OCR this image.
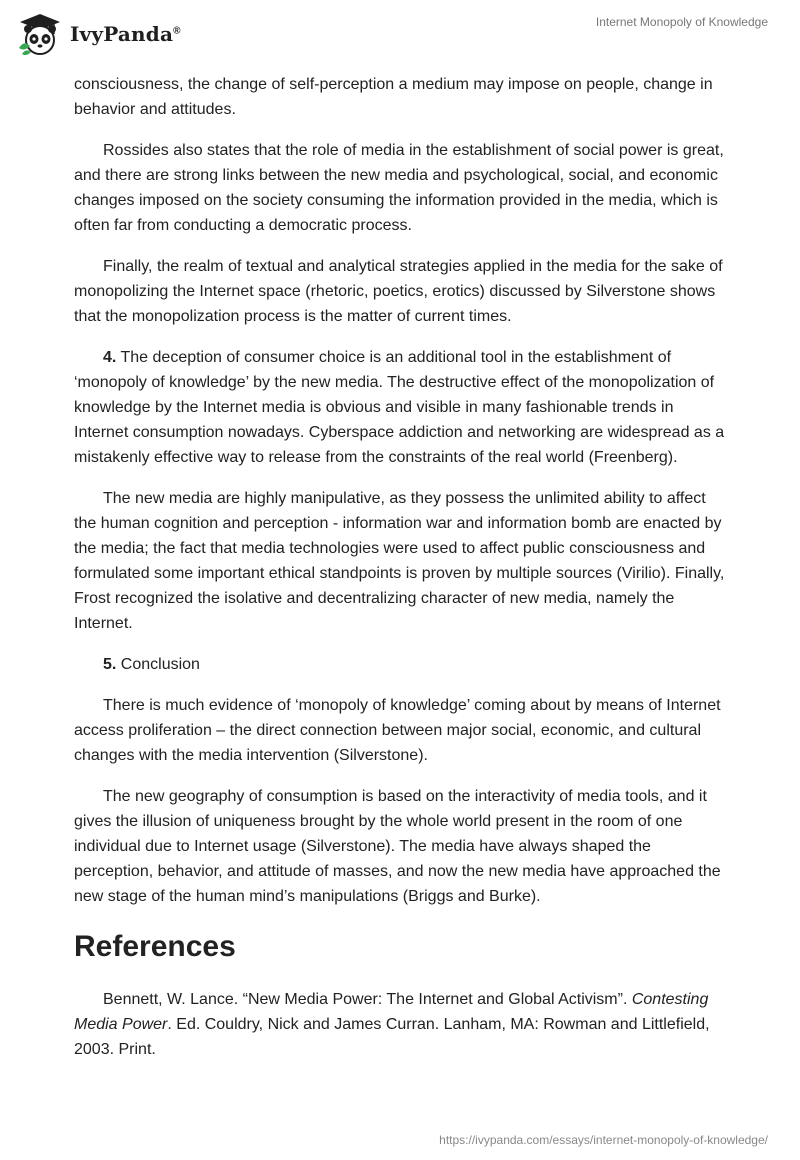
IvyPanda®
Internet Monopoly of Knowledge

consciousness, the change of self-perception a medium may impose on people, change in behavior and attitudes.

Rossides also states that the role of media in the establishment of social power is great, and there are strong links between the new media and psychological, social, and economic changes imposed on the society consuming the information provided in the media, which is often far from conducting a democratic process.

Finally, the realm of textual and analytical strategies applied in the media for the sake of monopolizing the Internet space (rhetoric, poetics, erotics) discussed by Silverstone shows that the monopolization process is the matter of current times.

4. The deception of consumer choice is an additional tool in the establishment of ‘monopoly of knowledge’ by the new media. The destructive effect of the monopolization of knowledge by the Internet media is obvious and visible in many fashionable trends in Internet consumption nowadays. Cyberspace addiction and networking are widespread as a mistakenly effective way to release from the constraints of the real world (Freenberg).

The new media are highly manipulative, as they possess the unlimited ability to affect the human cognition and perception - information war and information bomb are enacted by the media; the fact that media technologies were used to affect public consciousness and formulated some important ethical standpoints is proven by multiple sources (Virilio). Finally, Frost recognized the isolative and decentralizing character of new media, namely the Internet.

5. Conclusion

There is much evidence of ‘monopoly of knowledge’ coming about by means of Internet access proliferation – the direct connection between major social, economic, and cultural changes with the media intervention (Silverstone).

The new geography of consumption is based on the interactivity of media tools, and it gives the illusion of uniqueness brought by the whole world present in the room of one individual due to Internet usage (Silverstone). The media have always shaped the perception, behavior, and attitude of masses, and now the new media have approached the new stage of the human mind’s manipulations (Briggs and Burke).

References

Bennett, W. Lance. “New Media Power: The Internet and Global Activism”. Contesting Media Power. Ed. Couldry, Nick and James Curran. Lanham, MA: Rowman and Littlefield, 2003. Print.

https://ivypanda.com/essays/internet-monopoly-of-knowledge/
